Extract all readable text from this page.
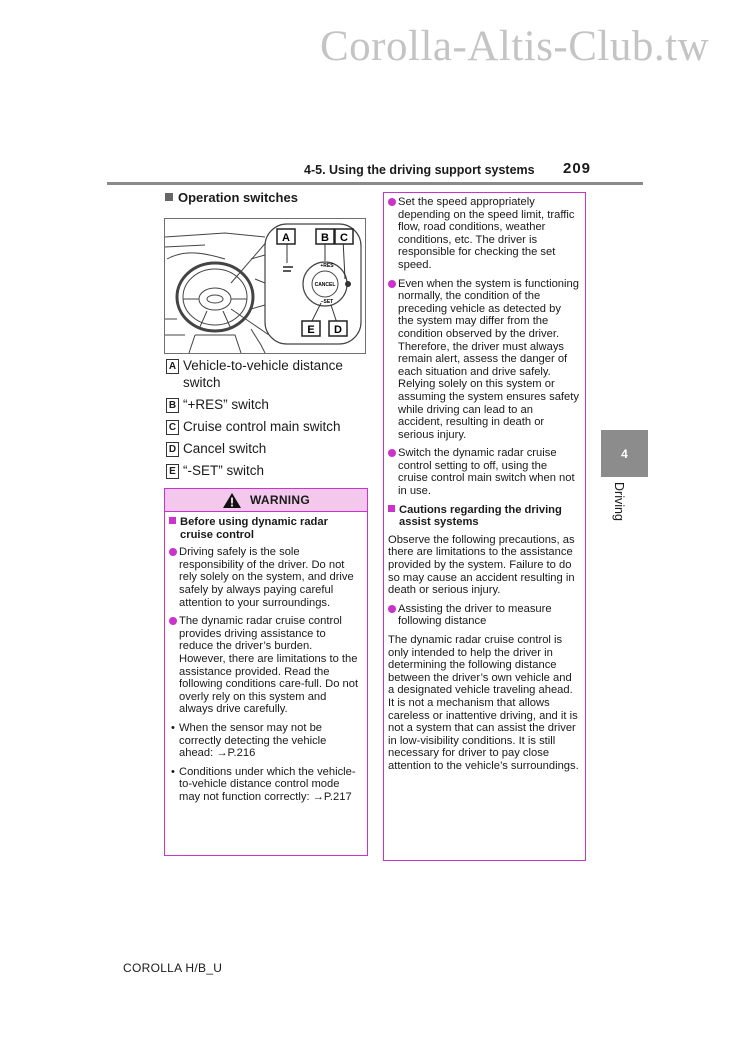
Corolla-Altis-Club.tw
4-5. Using the driving support systems 209
4
Driving
Operation switches
A	B C
E D
+RES
CANCEL
–SET
A Vehicle-to-vehicle distance switch
B “+RES” switch
C Cruise control main switch
D Cancel switch
E “-SET” switch
WARNING
Before using dynamic radar cruise control
Driving safely is the sole responsibility of the driver. Do not rely solely on the system, and drive safely by always paying careful attention to your surroundings.
The dynamic radar cruise control provides driving assistance to reduce the driver’s burden. However, there are limitations to the assistance provided. Read the following conditions care-full. Do not overly rely on this system and always drive carefully.
• When the sensor may not be correctly detecting the vehicle ahead: →P.216
• Conditions under which the vehicle-to-vehicle distance control mode may not function correctly: →P.217
Set the speed appropriately depending on the speed limit, traffic flow, road conditions, weather conditions, etc. The driver is responsible for checking the set speed.
Even when the system is functioning normally, the condition of the preceding vehicle as detected by the system may differ from the condition observed by the driver. Therefore, the driver must always remain alert, assess the danger of each situation and drive safely. Relying solely on this system or assuming the system ensures safety while driving can lead to an accident, resulting in death or serious injury.
Switch the dynamic radar cruise control setting to off, using the cruise control main switch when not in use.
Cautions regarding the driving assist systems
Observe the following precautions, as there are limitations to the assistance provided by the system. Failure to do so may cause an accident resulting in death or serious injury.
Assisting the driver to measure following distance
The dynamic radar cruise control is only intended to help the driver in determining the following distance between the driver’s own vehicle and a designated vehicle traveling ahead. It is not a mechanism that allows careless or inattentive driving, and it is not a system that can assist the driver in low-visibility conditions. It is still necessary for driver to pay close attention to the vehicle’s surroundings.
COROLLA H/B_U
